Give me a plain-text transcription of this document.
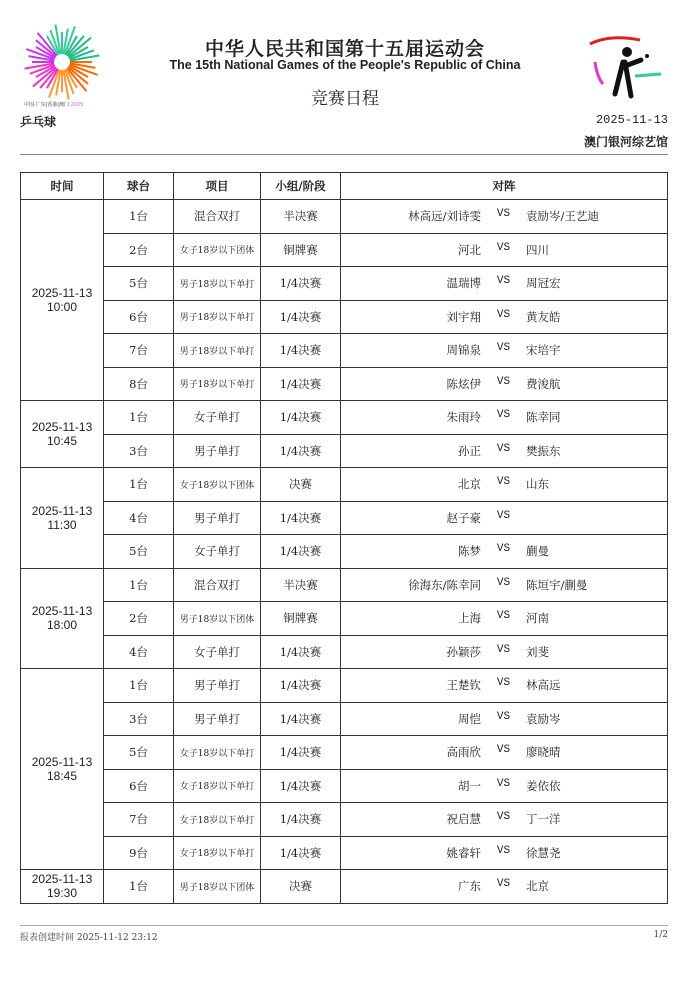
中国·广东|香港|澳门 2025
中华人民共和国第十五届运动会
The 15th National Games of the People's Republic of China
竞赛日程
乒乓球	2025-11-13
澳门银河综艺馆
时间	球台	项目	小组/阶段	对阵
2025-11-13
10:00	1台	混合双打	半决赛	林高远/刘诗雯 VS 袁励岑/王艺迪

	2台	女子18岁以下团体	铜牌赛	河北 VS 四川

	5台	男子18岁以下单打	1/4决赛	温瑞博 VS 周冠宏

	6台	男子18岁以下单打	1/4决赛	刘宇翔 VS 黄友皓

	7台	男子18岁以下单打	1/4决赛	周锦泉 VS 宋培宇

	8台	男子18岁以下单打	1/4决赛	陈炫伊 VS 费浚航

2025-11-13
10:45	1台	女子单打	1/4决赛	朱雨玲 VS 陈幸同

	3台	男子单打	1/4决赛	孙正 VS 樊振东

2025-11-13
11:30	1台	女子18岁以下团体	决赛	北京 VS 山东

	4台	男子单打	1/4决赛	赵子豪 VS

	5台	女子单打	1/4决赛	陈梦 VS 蒯曼

2025-11-13
18:00	1台	混合双打	半决赛	徐海东/陈幸同 VS 陈垣宇/蒯曼

	2台	男子18岁以下团体	铜牌赛	上海 VS 河南

	4台	女子单打	1/4决赛	孙颖莎 VS 刘斐

2025-11-13
18:45	1台	男子单打	1/4决赛	王楚钦 VS 林高远

	3台	男子单打	1/4决赛	周恺 VS 袁励岑

	5台	女子18岁以下单打	1/4决赛	高雨欣 VS 廖晓晴

	6台	女子18岁以下单打	1/4决赛	胡一 VS 姜依依

	7台	女子18岁以下单打	1/4决赛	祝启慧 VS 丁一洋

	9台	女子18岁以下单打	1/4决赛	姚睿轩 VS 徐慧尧

2025-11-13
19:30	1台	男子18岁以下团体	决赛	广东 VS 北京
报表创建时间 2025-11-12 23:12	1/2
